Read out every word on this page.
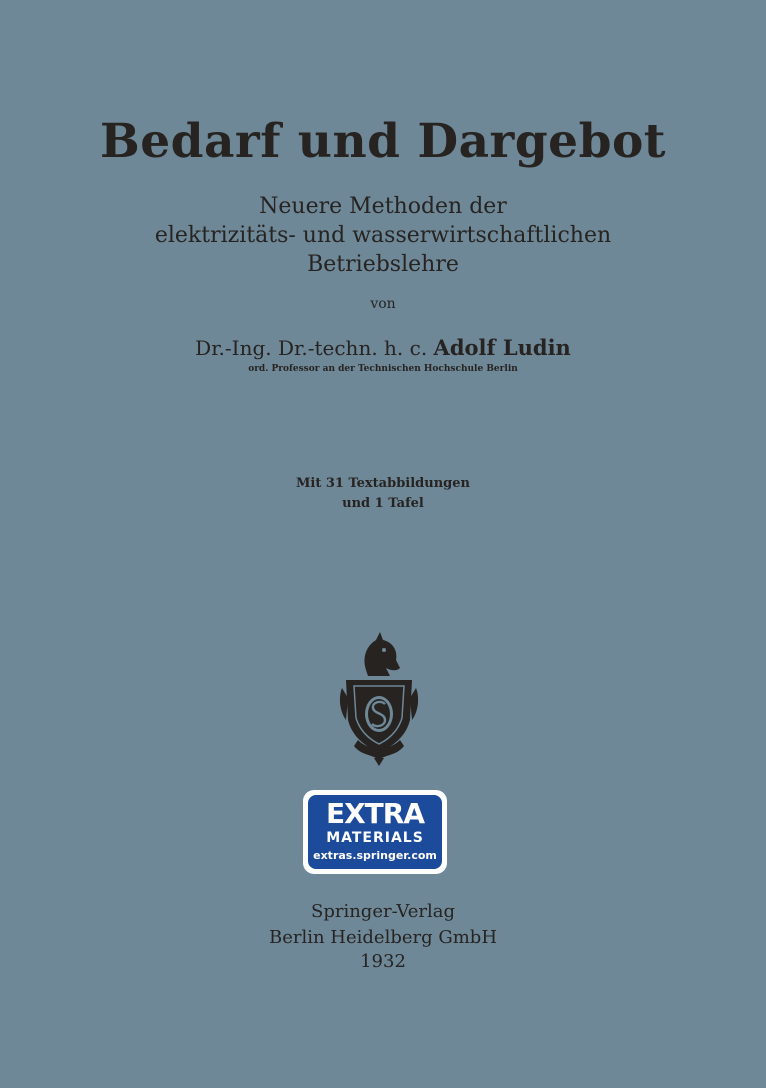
Bedarf und Dargebot
Neuere Methoden der
elektrizitäts- und wasserwirtschaftlichen
Betriebslehre
von
Dr.-Ing. Dr.-techn. h. c. Adolf Ludin
ord. Professor an der Technischen Hochschule Berlin
Mit 31 Textabbildungen
und 1 Tafel
EXTRA
MATERIALS
extras.springer.com
Springer-Verlag
Berlin Heidelberg GmbH
1932
